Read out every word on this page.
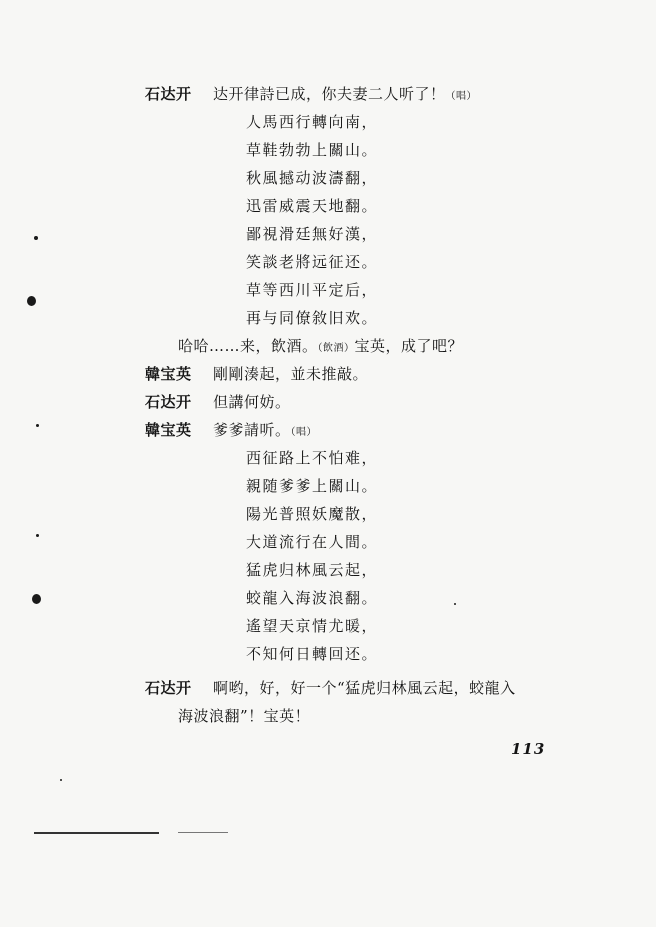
石达开 达开律詩已成，你夫妻二人听了！（唱）
人馬西行轉向南，
草鞋勃勃上關山。
秋風撼动波濤翻，
迅雷威震天地翻。
鄙視滑廷無好漢，
笑談老將远征还。
草等西川平定后，
再与同僚敘旧欢。
哈哈……来，飲酒。（飲酒）宝英，成了吧？
韓宝英 剛剛湊起，並未推敲。
石达开 但講何妨。
韓宝英 爹爹請听。（唱）
西征路上不怕难，
親随爹爹上關山。
陽光普照妖魔散，
大道流行在人間。
猛虎归林風云起，
蛟龍入海波浪翻。
遙望天京情尤暖，
不知何日轉回还。
石达开 啊哟，好，好一个“猛虎归林風云起，蛟龍入
海波浪翻”！宝英！
113
